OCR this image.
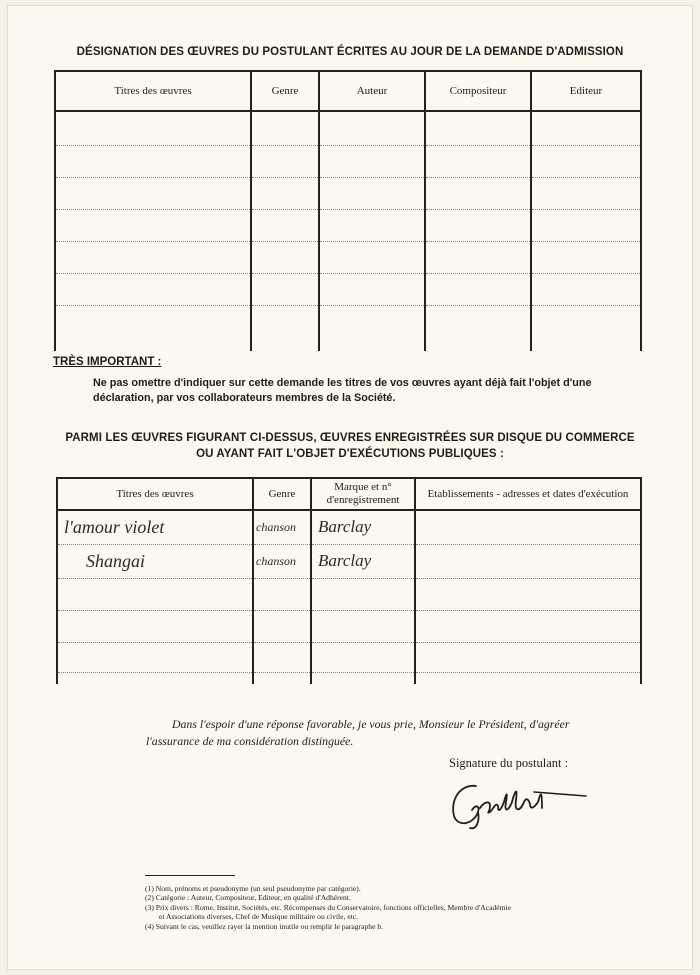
DÉSIGNATION DES ŒUVRES DU POSTULANT ÉCRITES AU JOUR DE LA DEMANDE D'ADMISSION
Titres des œuvres	Genre	Auteur	Compositeur	Editeur

TRÈS IMPORTANT :
Ne pas omettre d'indiquer sur cette demande les titres de vos œuvres ayant déjà fait l'objet d'une déclaration, par vos collaborateurs membres de la Société.
PARMI LES ŒUVRES FIGURANT CI-DESSUS, ŒUVRES ENREGISTRÉES SUR DISQUE DU COMMERCE
OU AYANT FAIT L'OBJET D'EXÉCUTIONS PUBLIQUES :
Titres des œuvres	Genre	Marque et n° d'enregistrement	Etablissements - adresses et dates d'exécution
l'amour violet	chanson	Barclay	
Shangai	chanson	Barclay	

Dans l'espoir d'une réponse favorable, je vous prie, Monsieur le Président, d'agréer
l'assurance de ma considération distinguée.
Signature du postulant :
(1) Nom, prénoms et pseudonyme (un seul pseudonyme par catégorie).
(2) Catégorie : Auteur, Compositeur, Editeur, en qualité d'Adhérent.
(3) Prix divers : Rome, Institut, Sociétés, etc. Récompenses du Conservatoire, fonctions officielles, Membre d'Académie
et Associations diverses, Chef de Musique militaire ou civile, etc.
(4) Suivant le cas, veuillez rayer la mention inutile ou remplir le paragraphe b.
